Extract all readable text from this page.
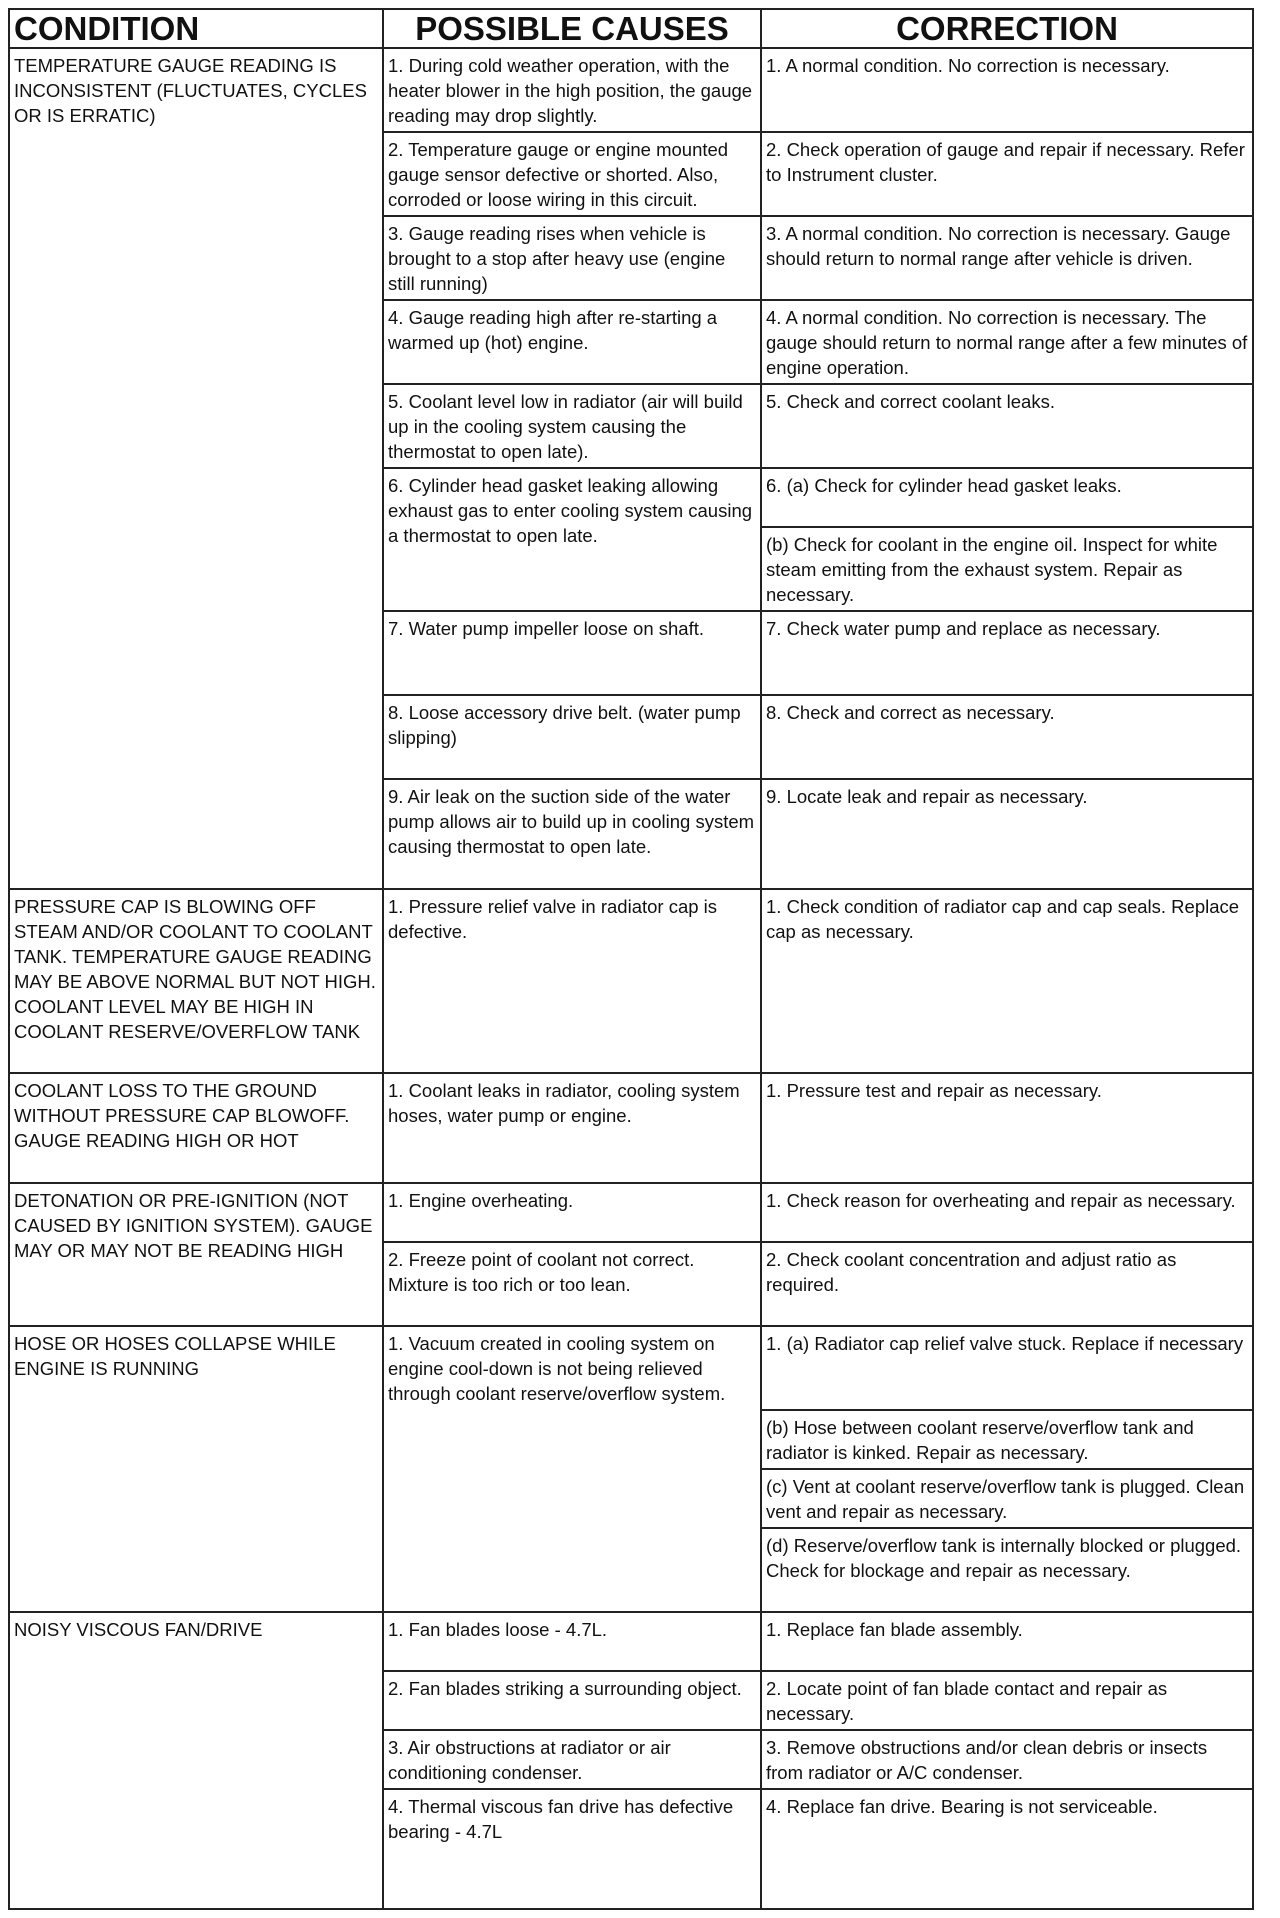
CONDITION	POSSIBLE CAUSES	CORRECTION
TEMPERATURE GAUGE READING IS INCONSISTENT (FLUCTUATES, CYCLES OR IS ERRATIC)	1. During cold weather operation, with the heater blower in the high position, the gauge reading may drop slightly.	1. A normal condition. No correction is necessary.
	2. Temperature gauge or engine mounted gauge sensor defective or shorted. Also, corroded or loose wiring in this circuit.	2. Check operation of gauge and repair if necessary. Refer to Instrument cluster.
	3. Gauge reading rises when vehicle is brought to a stop after heavy use (engine still running)	3. A normal condition. No correction is necessary. Gauge should return to normal range after vehicle is driven.
	4. Gauge reading high after re-starting a warmed up (hot) engine.	4. A normal condition. No correction is necessary. The gauge should return to normal range after a few minutes of engine operation.
	5. Coolant level low in radiator (air will build up in the cooling system causing the thermostat to open late).	5. Check and correct coolant leaks.
	6. Cylinder head gasket leaking allowing exhaust gas to enter cooling system causing a thermostat to open late.	6. (a) Check for cylinder head gasket leaks.
		(b) Check for coolant in the engine oil. Inspect for white steam emitting from the exhaust system. Repair as necessary.
	7. Water pump impeller loose on shaft.	7. Check water pump and replace as necessary.
	8. Loose accessory drive belt. (water pump slipping)	8. Check and correct as necessary.
	9. Air leak on the suction side of the water pump allows air to build up in cooling system causing thermostat to open late.	9. Locate leak and repair as necessary.
PRESSURE CAP IS BLOWING OFF STEAM AND/OR COOLANT TO COOLANT TANK. TEMPERATURE GAUGE READING MAY BE ABOVE NORMAL BUT NOT HIGH. COOLANT LEVEL MAY BE HIGH IN COOLANT RESERVE/OVERFLOW TANK	1. Pressure relief valve in radiator cap is defective.	1. Check condition of radiator cap and cap seals. Replace cap as necessary.
COOLANT LOSS TO THE GROUND WITHOUT PRESSURE CAP BLOWOFF. GAUGE READING HIGH OR HOT	1. Coolant leaks in radiator, cooling system hoses, water pump or engine.	1. Pressure test and repair as necessary.
DETONATION OR PRE-IGNITION (NOT CAUSED BY IGNITION SYSTEM). GAUGE MAY OR MAY NOT BE READING HIGH	1. Engine overheating.	1. Check reason for overheating and repair as necessary.
	2. Freeze point of coolant not correct. Mixture is too rich or too lean.	2. Check coolant concentration and adjust ratio as required.
HOSE OR HOSES COLLAPSE WHILE ENGINE IS RUNNING	1. Vacuum created in cooling system on engine cool-down is not being relieved through coolant reserve/overflow system.	1. (a) Radiator cap relief valve stuck. Replace if necessary
		(b) Hose between coolant reserve/overflow tank and radiator is kinked. Repair as necessary.
		(c) Vent at coolant reserve/overflow tank is plugged. Clean vent and repair as necessary.
		(d) Reserve/overflow tank is internally blocked or plugged. Check for blockage and repair as necessary.
NOISY VISCOUS FAN/DRIVE	1. Fan blades loose - 4.7L.	1. Replace fan blade assembly.
	2. Fan blades striking a surrounding object.	2. Locate point of fan blade contact and repair as necessary.
	3. Air obstructions at radiator or air conditioning condenser.	3. Remove obstructions and/or clean debris or insects from radiator or A/C condenser.
	4. Thermal viscous fan drive has defective bearing - 4.7L	4. Replace fan drive. Bearing is not serviceable.
